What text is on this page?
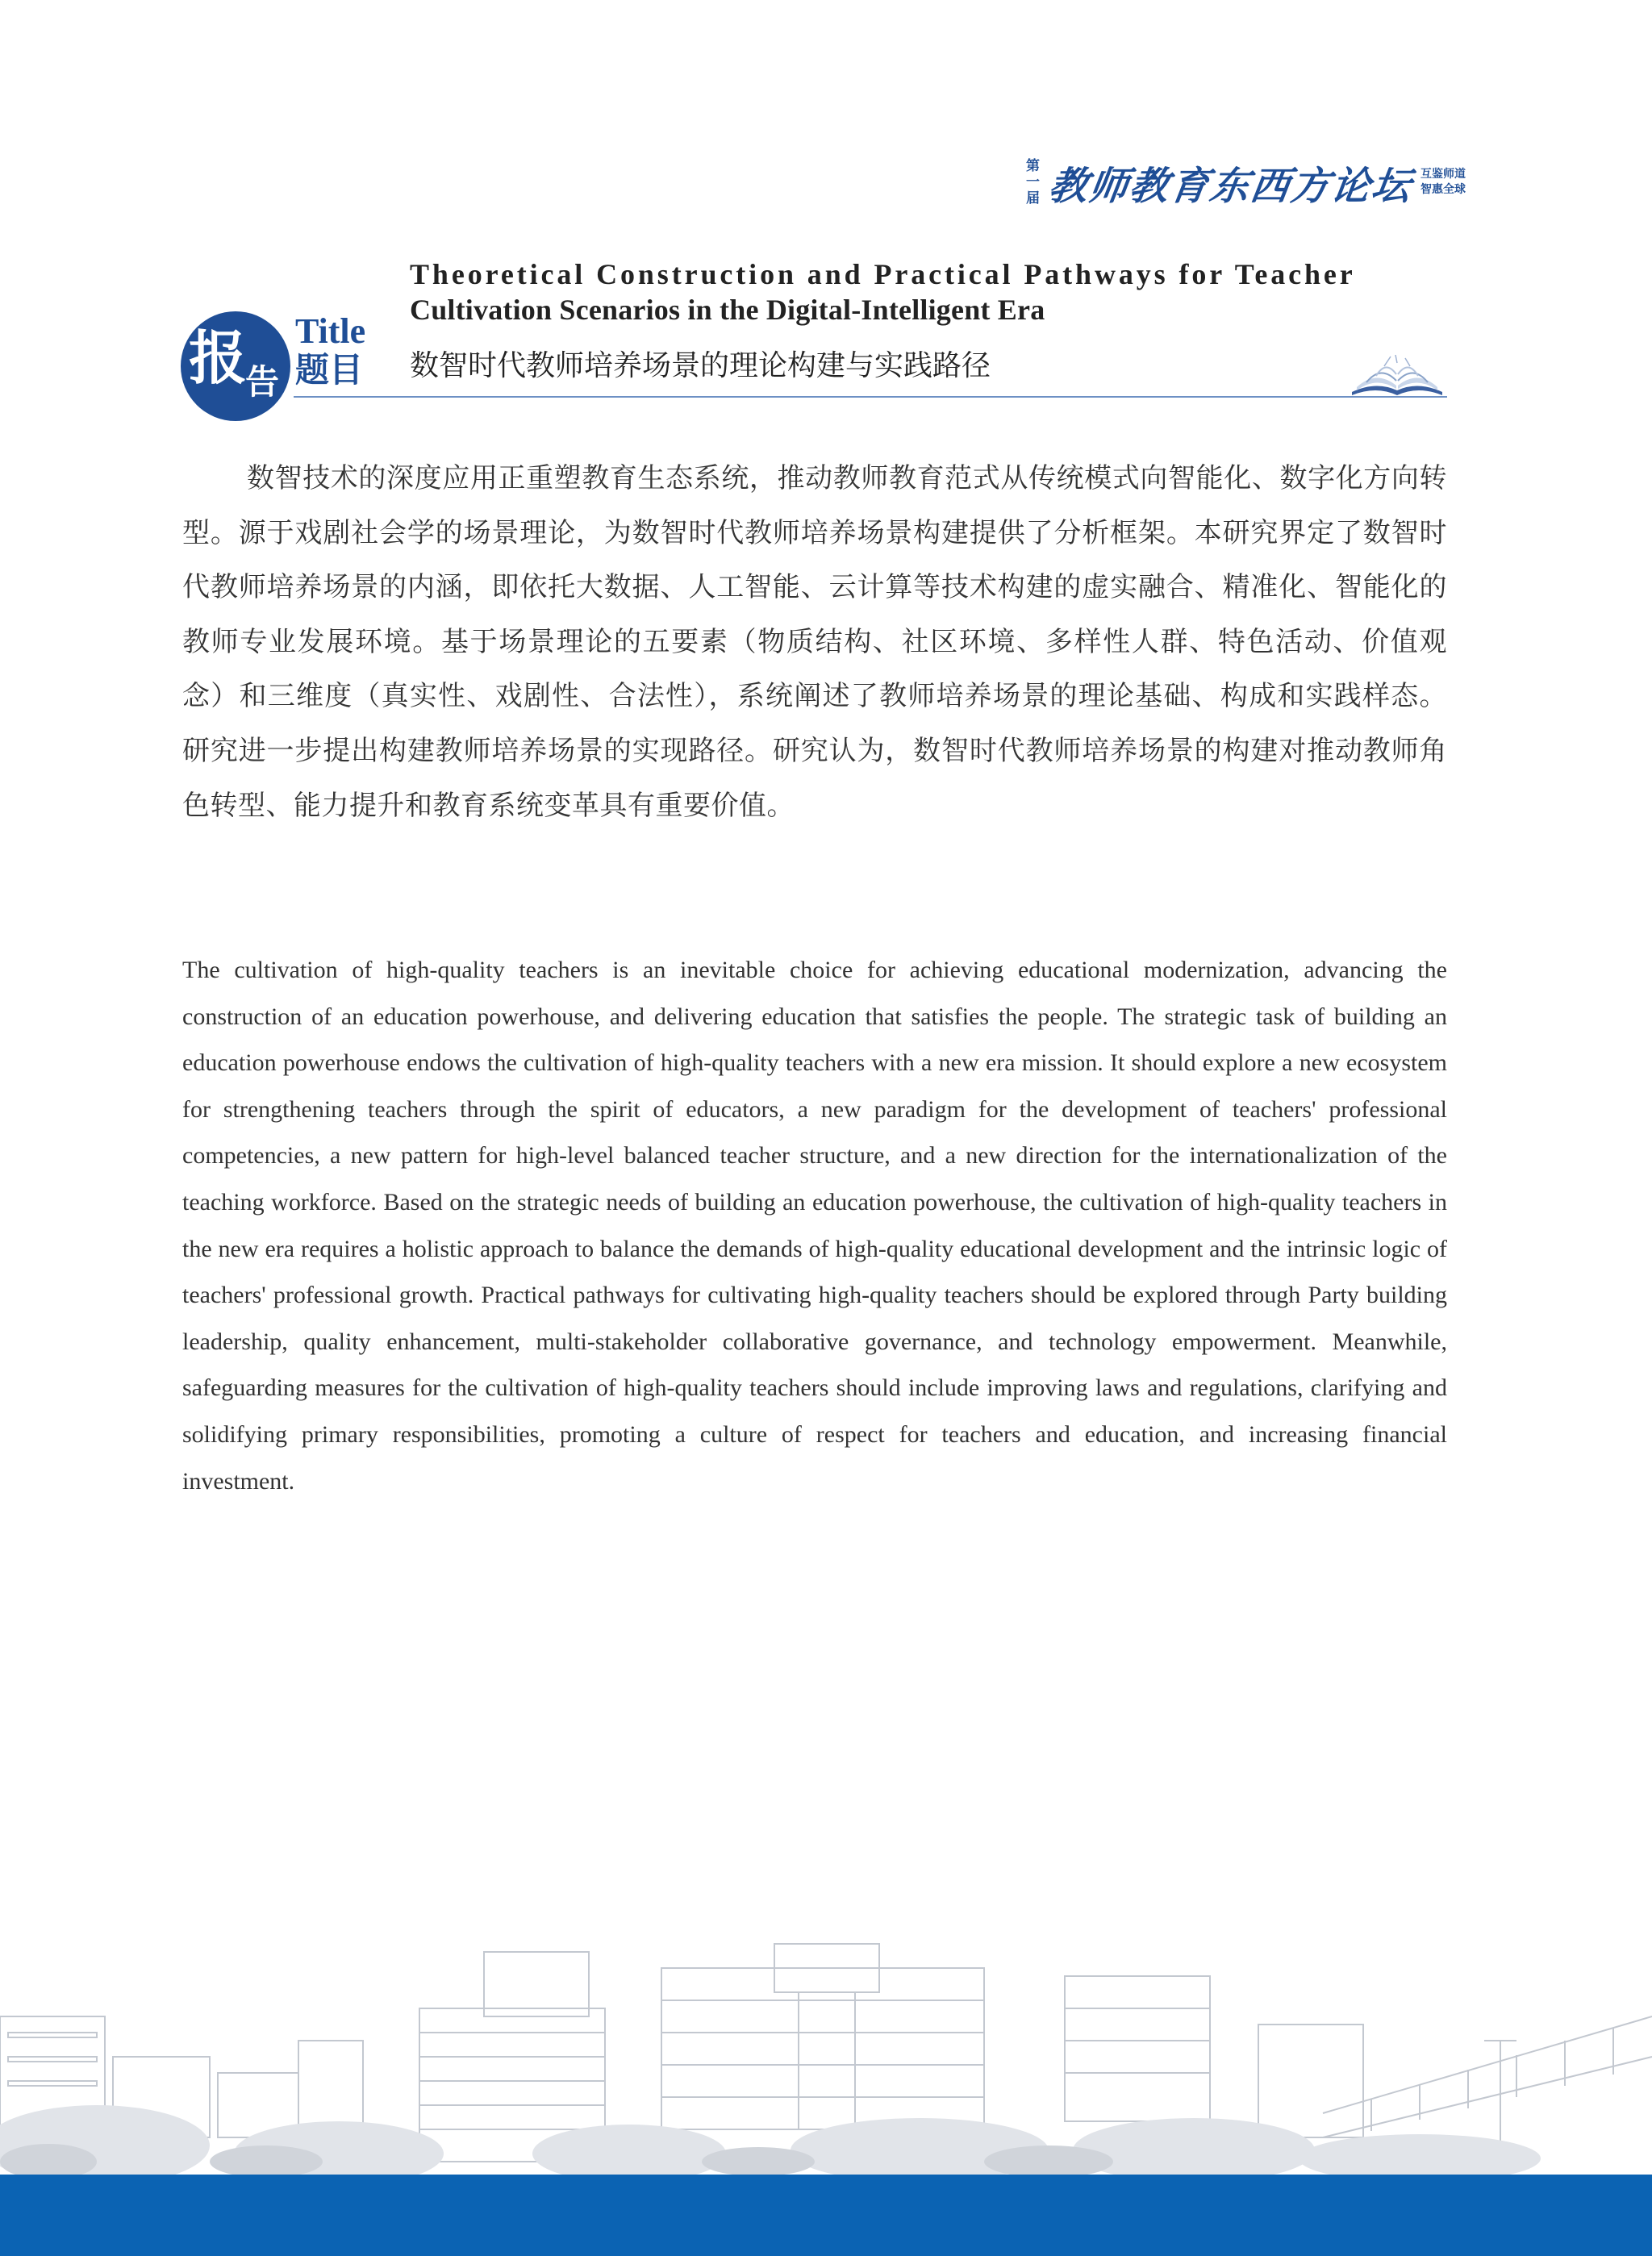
第
一
届 教师教育东西方论坛 互鉴师道
智惠全球
报
告
Title
题目
Theoretical Construction and Practical Pathways for Teacher
Cultivation Scenarios in the Digital-Intelligent Era
数智时代教师培养场景的理论构建与实践路径

数智技术的深度应用正重塑教育生态系统，推动教师教育范式从传统模式向智能化、数字化方向转型。源于戏剧社会学的场景理论，为数智时代教师培养场景构建提供了分析框架。本研究界定了数智时代教师培养场景的内涵，即依托大数据、人工智能、云计算等技术构建的虚实融合、精准化、智能化的教师专业发展环境。基于场景理论的五要素（物质结构、社区环境、多样性人群、特色活动、价值观念）和三维度（真实性、戏剧性、合法性），系统阐述了教师培养场景的理论基础、构成和实践样态。研究进一步提出构建教师培养场景的实现路径。研究认为，数智时代教师培养场景的构建对推动教师角色转型、能力提升和教育系统变革具有重要价值。

The cultivation of high-quality teachers is an inevitable choice for achieving educational modernization, advancing the construction of an education powerhouse, and delivering education that satisfies the people. The strategic task of building an education powerhouse endows the cultivation of high-quality teachers with a new era mission. It should explore a new ecosystem for strengthening teachers through the spirit of educators, a new paradigm for the development of teachers' professional competencies, a new pattern for high-level balanced teacher structure, and a new direction for the internationalization of the teaching workforce. Based on the strategic needs of building an education powerhouse, the cultivation of high-quality teachers in the new era requires a holistic approach to balance the demands of high-quality educational development and the intrinsic logic of teachers' professional growth. Practical pathways for cultivating high-quality teachers should be explored through Party building leadership, quality enhancement, multi-stakeholder collaborative governance, and technology empowerment. Meanwhile, safeguarding measures for the cultivation of high-quality teachers should include improving laws and regulations, clarifying and solidifying primary responsibilities, promoting a culture of respect for teachers and education, and increasing financial investment.
